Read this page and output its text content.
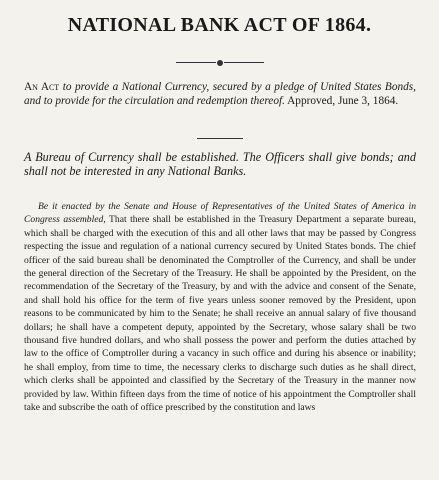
NATIONAL BANK ACT OF 1864.
An Act to provide a National Currency, secured by a pledge of United States Bonds, and to provide for the circulation and redemption thereof. Approved, June 3, 1864.
A Bureau of Currency shall be established. The Officers shall give bonds; and shall not be interested in any National Banks.
Be it enacted by the Senate and House of Representatives of the United States of America in Congress assembled, That there shall be established in the Treasury Department a separate bureau, which shall be charged with the execution of this and all other laws that may be passed by Congress respecting the issue and regulation of a national currency secured by United States bonds. The chief officer of the said bureau shall be denominated the Comptroller of the Currency, and shall be under the general direction of the Secretary of the Treasury. He shall be appointed by the President, on the recommendation of the Secretary of the Treasury, by and with the advice and consent of the Senate, and shall hold his office for the term of five years unless sooner removed by the President, upon reasons to be communicated by him to the Senate; he shall receive an annual salary of five thousand dollars; he shall have a competent deputy, appointed by the Secretary, whose salary shall be two thousand five hundred dollars, and who shall possess the power and perform the duties attached by law to the office of Comptroller during a vacancy in such office and during his absence or inability; he shall employ, from time to time, the necessary clerks to discharge such duties as he shall direct, which clerks shall be appointed and classified by the Secretary of the Treasury in the manner now provided by law. Within fifteen days from the time of notice of his appointment the Comptroller shall take and subscribe the oath of office prescribed by the constitution and laws
